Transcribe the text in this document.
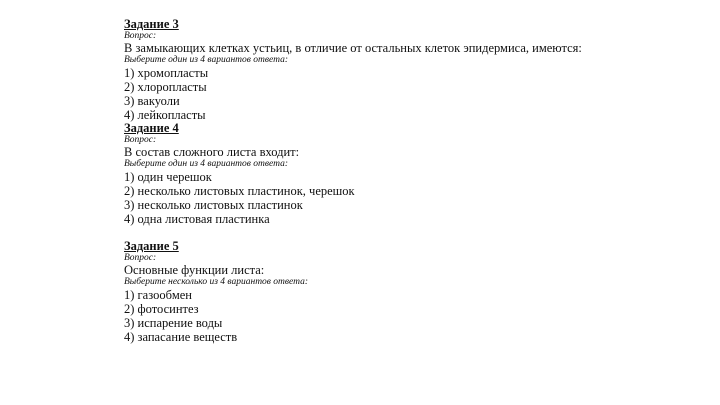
Задание 3

Вопрос:

В замыкающих клетках устьиц, в отличие от остальных клеток эпидермиса, имеются:

Выберите один из 4 вариантов ответа:

1) хромопласты
2) хлоропласты
3) вакуоли
4) лейкопласты

Задание 4

Вопрос:

В состав сложного листа входит:

Выберите один из 4 вариантов ответа:

1) один черешок
2) несколько листовых пластинок, черешок
3) несколько листовых пластинок
4) одна листовая пластинка

Задание 5

Вопрос:

Основные функции листа:

Выберите несколько из 4 вариантов ответа:

1) газообмен
2) фотосинтез
3) испарение воды
4) запасание веществ
